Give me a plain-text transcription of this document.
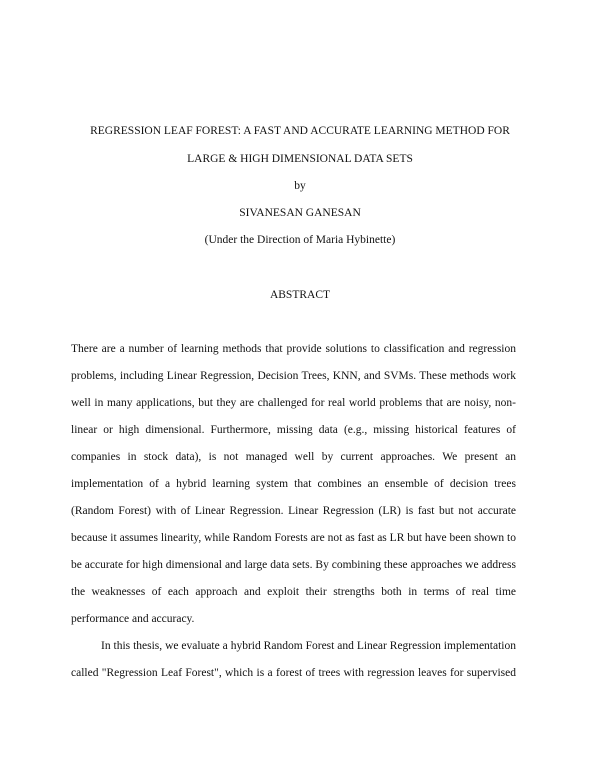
REGRESSION LEAF FOREST: A FAST AND ACCURATE LEARNING METHOD FOR
LARGE & HIGH DIMENSIONAL DATA SETS
by
SIVANESAN GANESAN
(Under the Direction of Maria Hybinette)
ABSTRACT
There are a number of learning methods that provide solutions to classification and regression
problems, including Linear Regression, Decision Trees, KNN, and SVMs. These methods work
well in many applications, but they are challenged for real world problems that are noisy, non-
linear or high dimensional. Furthermore, missing data (e.g., missing historical features of
companies in stock data), is not managed well by current approaches. We present an
implementation of a hybrid learning system that combines an ensemble of decision trees
(Random Forest) with of Linear Regression. Linear Regression (LR) is fast but not accurate
because it assumes linearity, while Random Forests are not as fast as LR but have been shown to
be accurate for high dimensional and large data sets. By combining these approaches we address
the weaknesses of each approach and exploit their strengths both in terms of real time
performance and accuracy.
In this thesis, we evaluate a hybrid Random Forest and Linear Regression implementation
called "Regression Leaf Forest", which is a forest of trees with regression leaves for supervised
